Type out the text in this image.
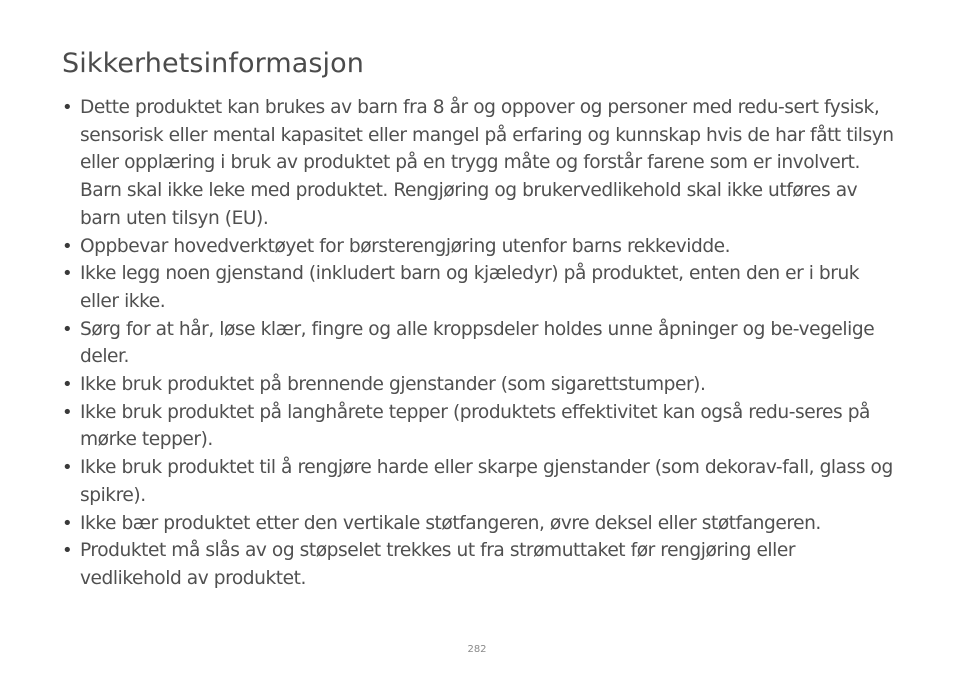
Sikkerhetsinformasjon
• Dette produktet kan brukes av barn fra 8 år og oppover og personer med redu-sert fysisk, sensorisk eller mental kapasitet eller mangel på erfaring og kunnskap hvis de har fått tilsyn eller opplæring i bruk av produktet på en trygg måte og forstår farene som er involvert. Barn skal ikke leke med produktet. Rengjøring og brukervedlikehold skal ikke utføres av barn uten tilsyn (EU).
• Oppbevar hovedverktøyet for børsterengjøring utenfor barns rekkevidde.
• Ikke legg noen gjenstand (inkludert barn og kjæledyr) på produktet, enten den er i bruk eller ikke.
• Sørg for at hår, løse klær, fingre og alle kroppsdeler holdes unne åpninger og be-vegelige deler.
• Ikke bruk produktet på brennende gjenstander (som sigarettstumper).
• Ikke bruk produktet på langhårete tepper (produktets effektivitet kan også redu-seres på mørke tepper).
• Ikke bruk produktet til å rengjøre harde eller skarpe gjenstander (som dekorav-fall, glass og spikre).
• Ikke bær produktet etter den vertikale støtfangeren, øvre deksel eller støtfangeren.
• Produktet må slås av og støpselet trekkes ut fra strømuttaket før rengjøring eller vedlikehold av produktet.
282
